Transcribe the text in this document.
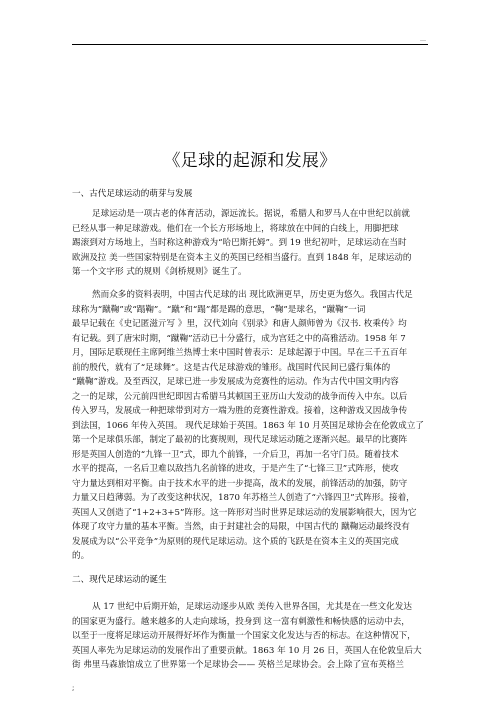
…
《足球的起源和发展》
一、古代足球运动的萌芽与发展
足球运动是一项古老的体育活动，源远流长。据说，希腊人和罗马人在中世纪以前就
已经从事一种足球游戏。他们在一个长方形场地上，将球放在中间的白线上，用脚把球
踢滚到对方场地上，当时称这种游戏为“哈巴斯托姆”。到 19 世纪初叶，足球运动在当时
欧洲及拉 美一些国家特别是在资本主义的英国已经相当盛行。直到 1848 年，足球运动的
第一个文字形 式的规则《剑桥规则》诞生了。
然而众多的资料表明，中国古代足球的出 现比欧洲更早，历史更为悠久。我国古代足
球称为“蹴鞠”或“蹋鞠”。“蹴”和“蹋”都是踢的意思，“鞠”是球名，“蹴鞠”一词
最早记载在《史记匿滋亓写 》里，汉代刘向《别录》和唐人颜师曾为《汉书. 枚乘传》均
有记载。到了唐宋时期，“蹴鞠”活动已十分盛行，成为宫廷之中的高雅活动。1958 年 7
月，国际足联现任主席阿维兰热博士来中国时曾表示：足球起源于中国。早在三千五百年
前的殷代，就有了“足球舞”。这是古代足球游戏的雏形。战国时代民间已盛行集体的
“蹴鞠”游戏。及至西汉，足球已进一步发展成为竞赛性的运动。作为古代中国文明内容
之一的足球，公元前四世纪即因古希腊马其顿国王亚历山大发动的战争而传入中东。以后
传入罗马，发展成一种把球带到对方一端为胜的竞赛性游戏。接着，这种游戏又因战争传
到法国，1066 年传入英国。 现代足球始于英国。1863 年 10 月英国足球协会在伦敦成立了
第一个足球俱乐部，制定了最初的比赛规则，现代足球运动随之逐渐兴起。最早的比赛阵
形是英国人创造的“九锋一卫”式，即九个前锋，一介后卫，再加一名守门员。随着技术
水平的提高，一名后卫难以敌挡九名前锋的进攻，于是产生了“七锋三卫”式阵形，使攻
守力量达到相对平衡。由于技术水平的进一步提高，战术的发展，前锋活动的加强，防守
力量又日趋薄弱。为了改变这种状况，1870 年苏格兰人创造了“六锋四卫”式阵形。接着，
英国人又创造了“1+2+3+5”阵形。这一阵形对当时世界足球运动的发展影响很大，因为它
体现了攻守力量的基本平衡。当然，由于封建社会的局限，中国古代的 蹴鞠运动最终没有
发展成为以“公平竞争”为原则的现代足球运动。这个质的飞跃是在资本主义的英国完成
的。
二、现代足球运动的诞生
从 17 世纪中后期开始，足球运动逐步从欧 美传入世界各国，尤其是在一些文化发达
的国家更为盛行。越来越多的人走向球场，投身到 这一富有刺激性和畅快感的运动中去，
以至于一度将足球运动开展得好坏作为衡量一个国家文化发达与否的标志。在这种情况下，
英国人率先为足球运动的发展作出了重要贡献。1863 年 10 月 26 日，英国人在伦敦皇后大
街 弗里马森旅馆成立了世界第一个足球协会—— 英格兰足球协会。会上除了宣布英格兰
;
